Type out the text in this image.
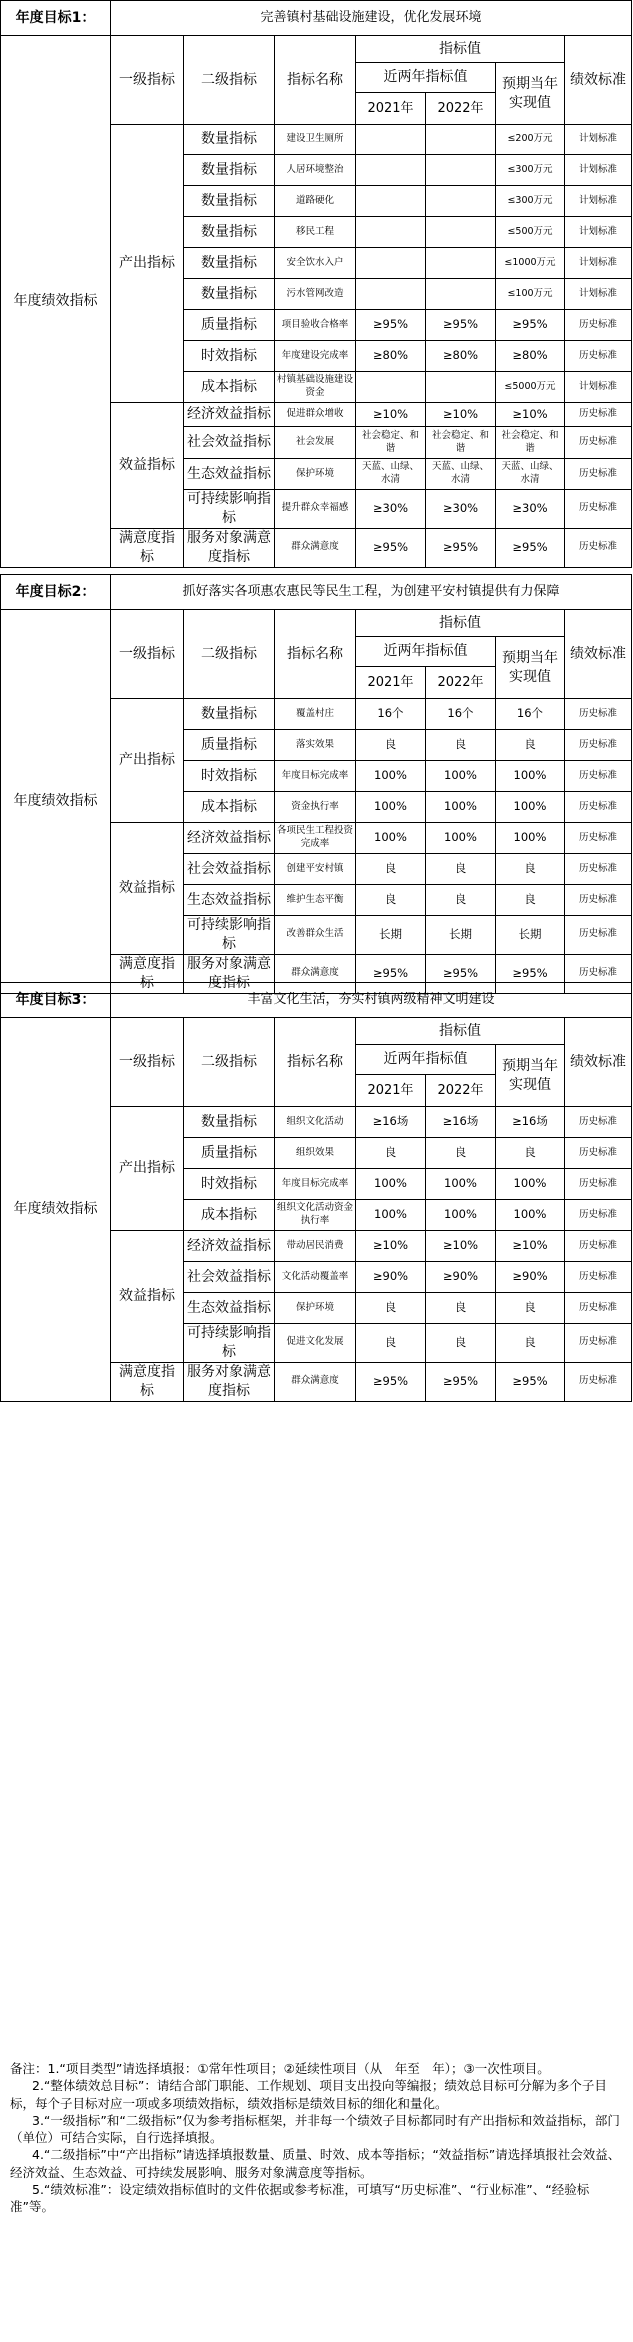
年度目标1：	完善镇村基础设施建设，优化发展环境						
年度绩效指标	一级指标	二级指标	指标名称	指标值			绩效标准
				近两年指标值		预期当年实现值	
				2021年	2022年		
	产出指标	数量指标	建设卫生厕所			≤200万元	计划标准
		数量指标	人居环境整治			≤300万元	计划标准
		数量指标	道路硬化			≤300万元	计划标准
		数量指标	移民工程			≤500万元	计划标准
		数量指标	安全饮水入户			≤1000万元	计划标准
		数量指标	污水管网改造			≤100万元	计划标准
		质量指标	项目验收合格率	≥95%	≥95%	≥95%	历史标准
		时效指标	年度建设完成率	≥80%	≥80%	≥80%	历史标准
		成本指标	村镇基础设施建设资金			≤5000万元	计划标准
	效益指标	经济效益指标	促进群众增收	≥10%	≥10%	≥10%	历史标准
		社会效益指标	社会发展	社会稳定、和谐	社会稳定、和谐	社会稳定、和谐	历史标准
		生态效益指标	保护环境	天蓝、山绿、水清	天蓝、山绿、水清	天蓝、山绿、水清	历史标准
		可持续影响指标	提升群众幸福感	≥30%	≥30%	≥30%	历史标准
	满意度指标	服务对象满意度指标	群众满意度	≥95%	≥95%	≥95%	历史标准
年度目标2：	抓好落实各项惠农惠民等民生工程，为创建平安村镇提供有力保障						
年度绩效指标	一级指标	二级指标	指标名称	指标值			绩效标准
				近两年指标值		预期当年实现值	
				2021年	2022年		
	产出指标	数量指标	覆盖村庄	16个	16个	16个	历史标准
		质量指标	落实效果	良	良	良	历史标准
		时效指标	年度目标完成率	100%	100%	100%	历史标准
		成本指标	资金执行率	100%	100%	100%	历史标准
	效益指标	经济效益指标	各项民生工程投资完成率	100%	100%	100%	历史标准
		社会效益指标	创建平安村镇	良	良	良	历史标准
		生态效益指标	维护生态平衡	良	良	良	历史标准
		可持续影响指标	改善群众生活	长期	长期	长期	历史标准
	满意度指标	服务对象满意度指标	群众满意度	≥95%	≥95%	≥95%	历史标准
年度目标3：	丰富文化生活，夯实村镇两级精神文明建设						
年度绩效指标	一级指标	二级指标	指标名称	指标值			绩效标准
				近两年指标值		预期当年实现值	
				2021年	2022年		
	产出指标	数量指标	组织文化活动	≥16场	≥16场	≥16场	历史标准
		质量指标	组织效果	良	良	良	历史标准
		时效指标	年度目标完成率	100%	100%	100%	历史标准
		成本指标	组织文化活动资金执行率	100%	100%	100%	历史标准
	效益指标	经济效益指标	带动居民消费	≥10%	≥10%	≥10%	历史标准
		社会效益指标	文化活动覆盖率	≥90%	≥90%	≥90%	历史标准
		生态效益指标	保护环境	良	良	良	历史标准
		可持续影响指标	促进文化发展	良	良	良	历史标准
	满意度指标	服务对象满意度指标	群众满意度	≥95%	≥95%	≥95%	历史标准

备注：1.“项目类型”请选择填报：①常年性项目；②延续性项目（从　年至　年）；③一次性项目。

2.“整体绩效总目标”：请结合部门职能、工作规划、项目支出投向等编报；绩效总目标可分解为多个子目标，每个子目标对应一项或多项绩效指标，绩效指标是绩效目标的细化和量化。

3.“一级指标”和“二级指标”仅为参考指标框架，并非每一个绩效子目标都同时有产出指标和效益指标，部门（单位）可结合实际，自行选择填报。

4.“二级指标”中“产出指标”请选择填报数量、质量、时效、成本等指标；“效益指标”请选择填报社会效益、经济效益、生态效益、可持续发展影响、服务对象满意度等指标。

5.“绩效标准”：设定绩效指标值时的文件依据或参考标准，可填写“历史标准”、“行业标准”、“经验标准”等。
